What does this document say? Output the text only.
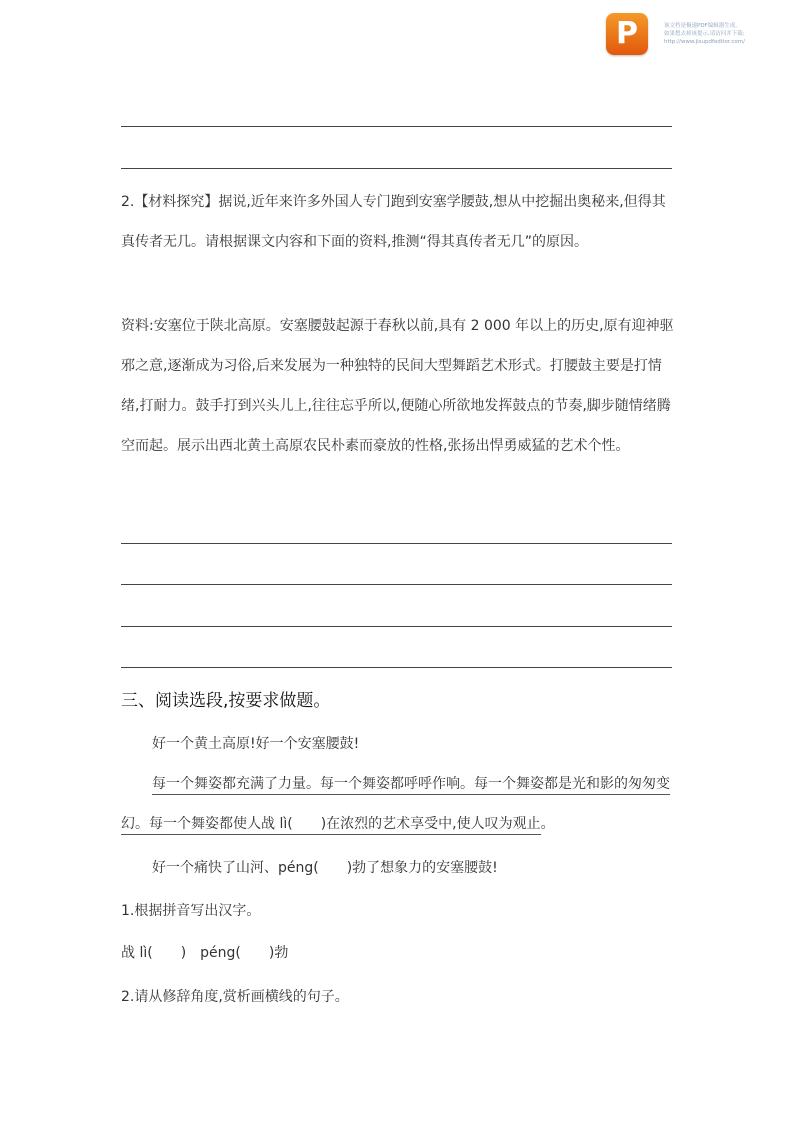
P	该文档是极速PDF编辑器生成,
如果想去掉该提示,请访问并下载:
http://www.jisupdfeditor.com/
2.【材料探究】据说,近年来许多外国人专门跑到安塞学腰鼓,想从中挖掘出奥秘来,但得其真传者无几。请根据课文内容和下面的资料,推测“得其真传者无几”的原因。
资料:安塞位于陕北高原。安塞腰鼓起源于春秋以前,具有 2 000 年以上的历史,原有迎神驱邪之意,逐渐成为习俗,后来发展为一种独特的民间大型舞蹈艺术形式。打腰鼓主要是打情绪,打耐力。鼓手打到兴头儿上,往往忘乎所以,便随心所欲地发挥鼓点的节奏,脚步随情绪腾空而起。展示出西北黄土高原农民朴素而豪放的性格,张扬出悍勇威猛的艺术个性。
三、阅读选段,按要求做题。
好一个黄土高原!好一个安塞腰鼓!
每一个舞姿都充满了力量。每一个舞姿都呼呼作响。每一个舞姿都是光和影的匆匆变幻。每一个舞姿都使人战 lì(　　)在浓烈的艺术享受中,使人叹为观止。
好一个痛快了山河、péng(　　)勃了想象力的安塞腰鼓!
1.根据拼音写出汉字。
战 lì(　　)　péng(　　)勃
2.请从修辞角度,赏析画横线的句子。
